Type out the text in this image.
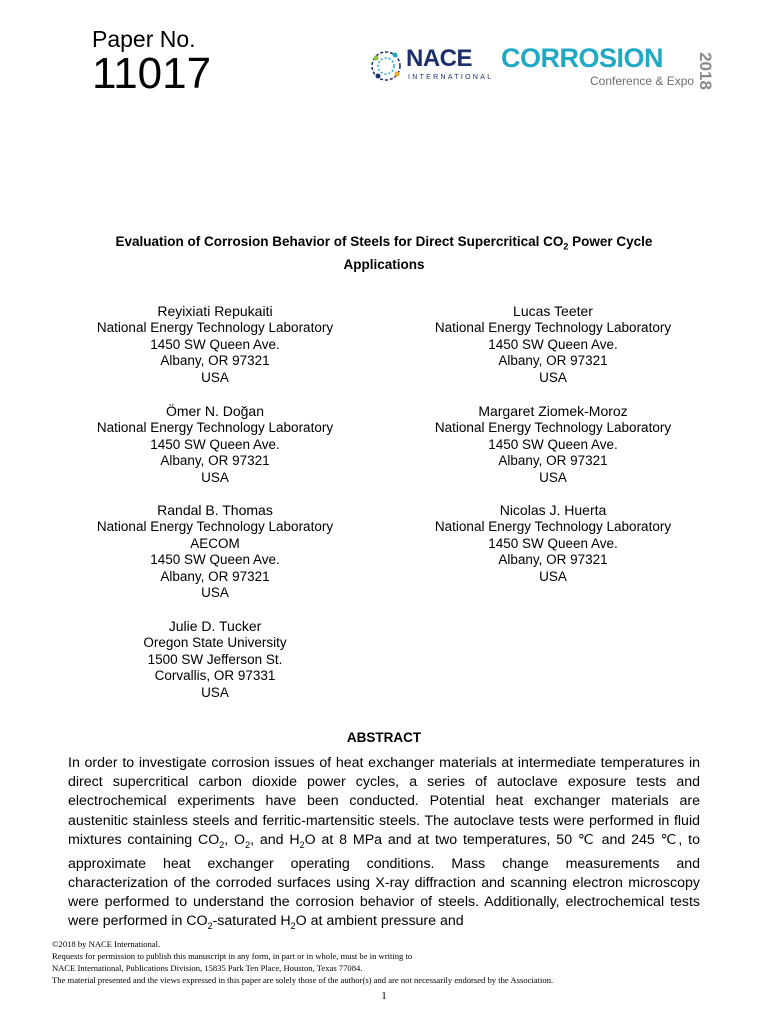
Paper No.
11017	NACE
INTERNATIONAL
CORROSION
Conference & Expo 2018
Evaluation of Corrosion Behavior of Steels for Direct Supercritical $CO_2$ Power Cycle
Applications
Reyixiati Repukaiti
National Energy Technology Laboratory
1450 SW Queen Ave.
Albany, OR 97321
USA
Lucas Teeter
National Energy Technology Laboratory
1450 SW Queen Ave.
Albany, OR 97321
USA
Ömer N. Doğan
National Energy Technology Laboratory
1450 SW Queen Ave.
Albany, OR 97321
USA
Margaret Ziomek-Moroz
National Energy Technology Laboratory
1450 SW Queen Ave.
Albany, OR 97321
USA
Randal B. Thomas
National Energy Technology Laboratory
AECOM
1450 SW Queen Ave.
Albany, OR 97321
USA
Nicolas J. Huerta
National Energy Technology Laboratory
1450 SW Queen Ave.
Albany, OR 97321
USA
Julie D. Tucker
Oregon State University
1500 SW Jefferson St.
Corvallis, OR 97331
USA
ABSTRACT
In order to investigate corrosion issues of heat exchanger materials at intermediate temperatures in direct supercritical carbon dioxide power cycles, a series of autoclave exposure tests and electrochemical experiments have been conducted. Potential heat exchanger materials are austenitic stainless steels and ferritic-martensitic steels. The autoclave tests were performed in fluid mixtures containing $CO_2$, $O_2$, and $H_2O$ at 8 MPa and at two temperatures, 50 ℃ and 245 ℃, to approximate heat exchanger operating conditions. Mass change measurements and characterization of the corroded surfaces using X-ray diffraction and scanning electron microscopy were performed to understand the corrosion behavior of steels. Additionally, electrochemical tests were performed in $CO_2$-saturated $H_2O$ at ambient pressure and
©2018 by NACE International.
Requests for permission to publish this manuscript in any form, in part or in whole, must be in writing to
NACE International, Publications Division, 15835 Park Ten Place, Houston, Texas 77084.
The material presented and the views expressed in this paper are solely those of the author(s) and are not necessarily endorsed by the Association.
1
